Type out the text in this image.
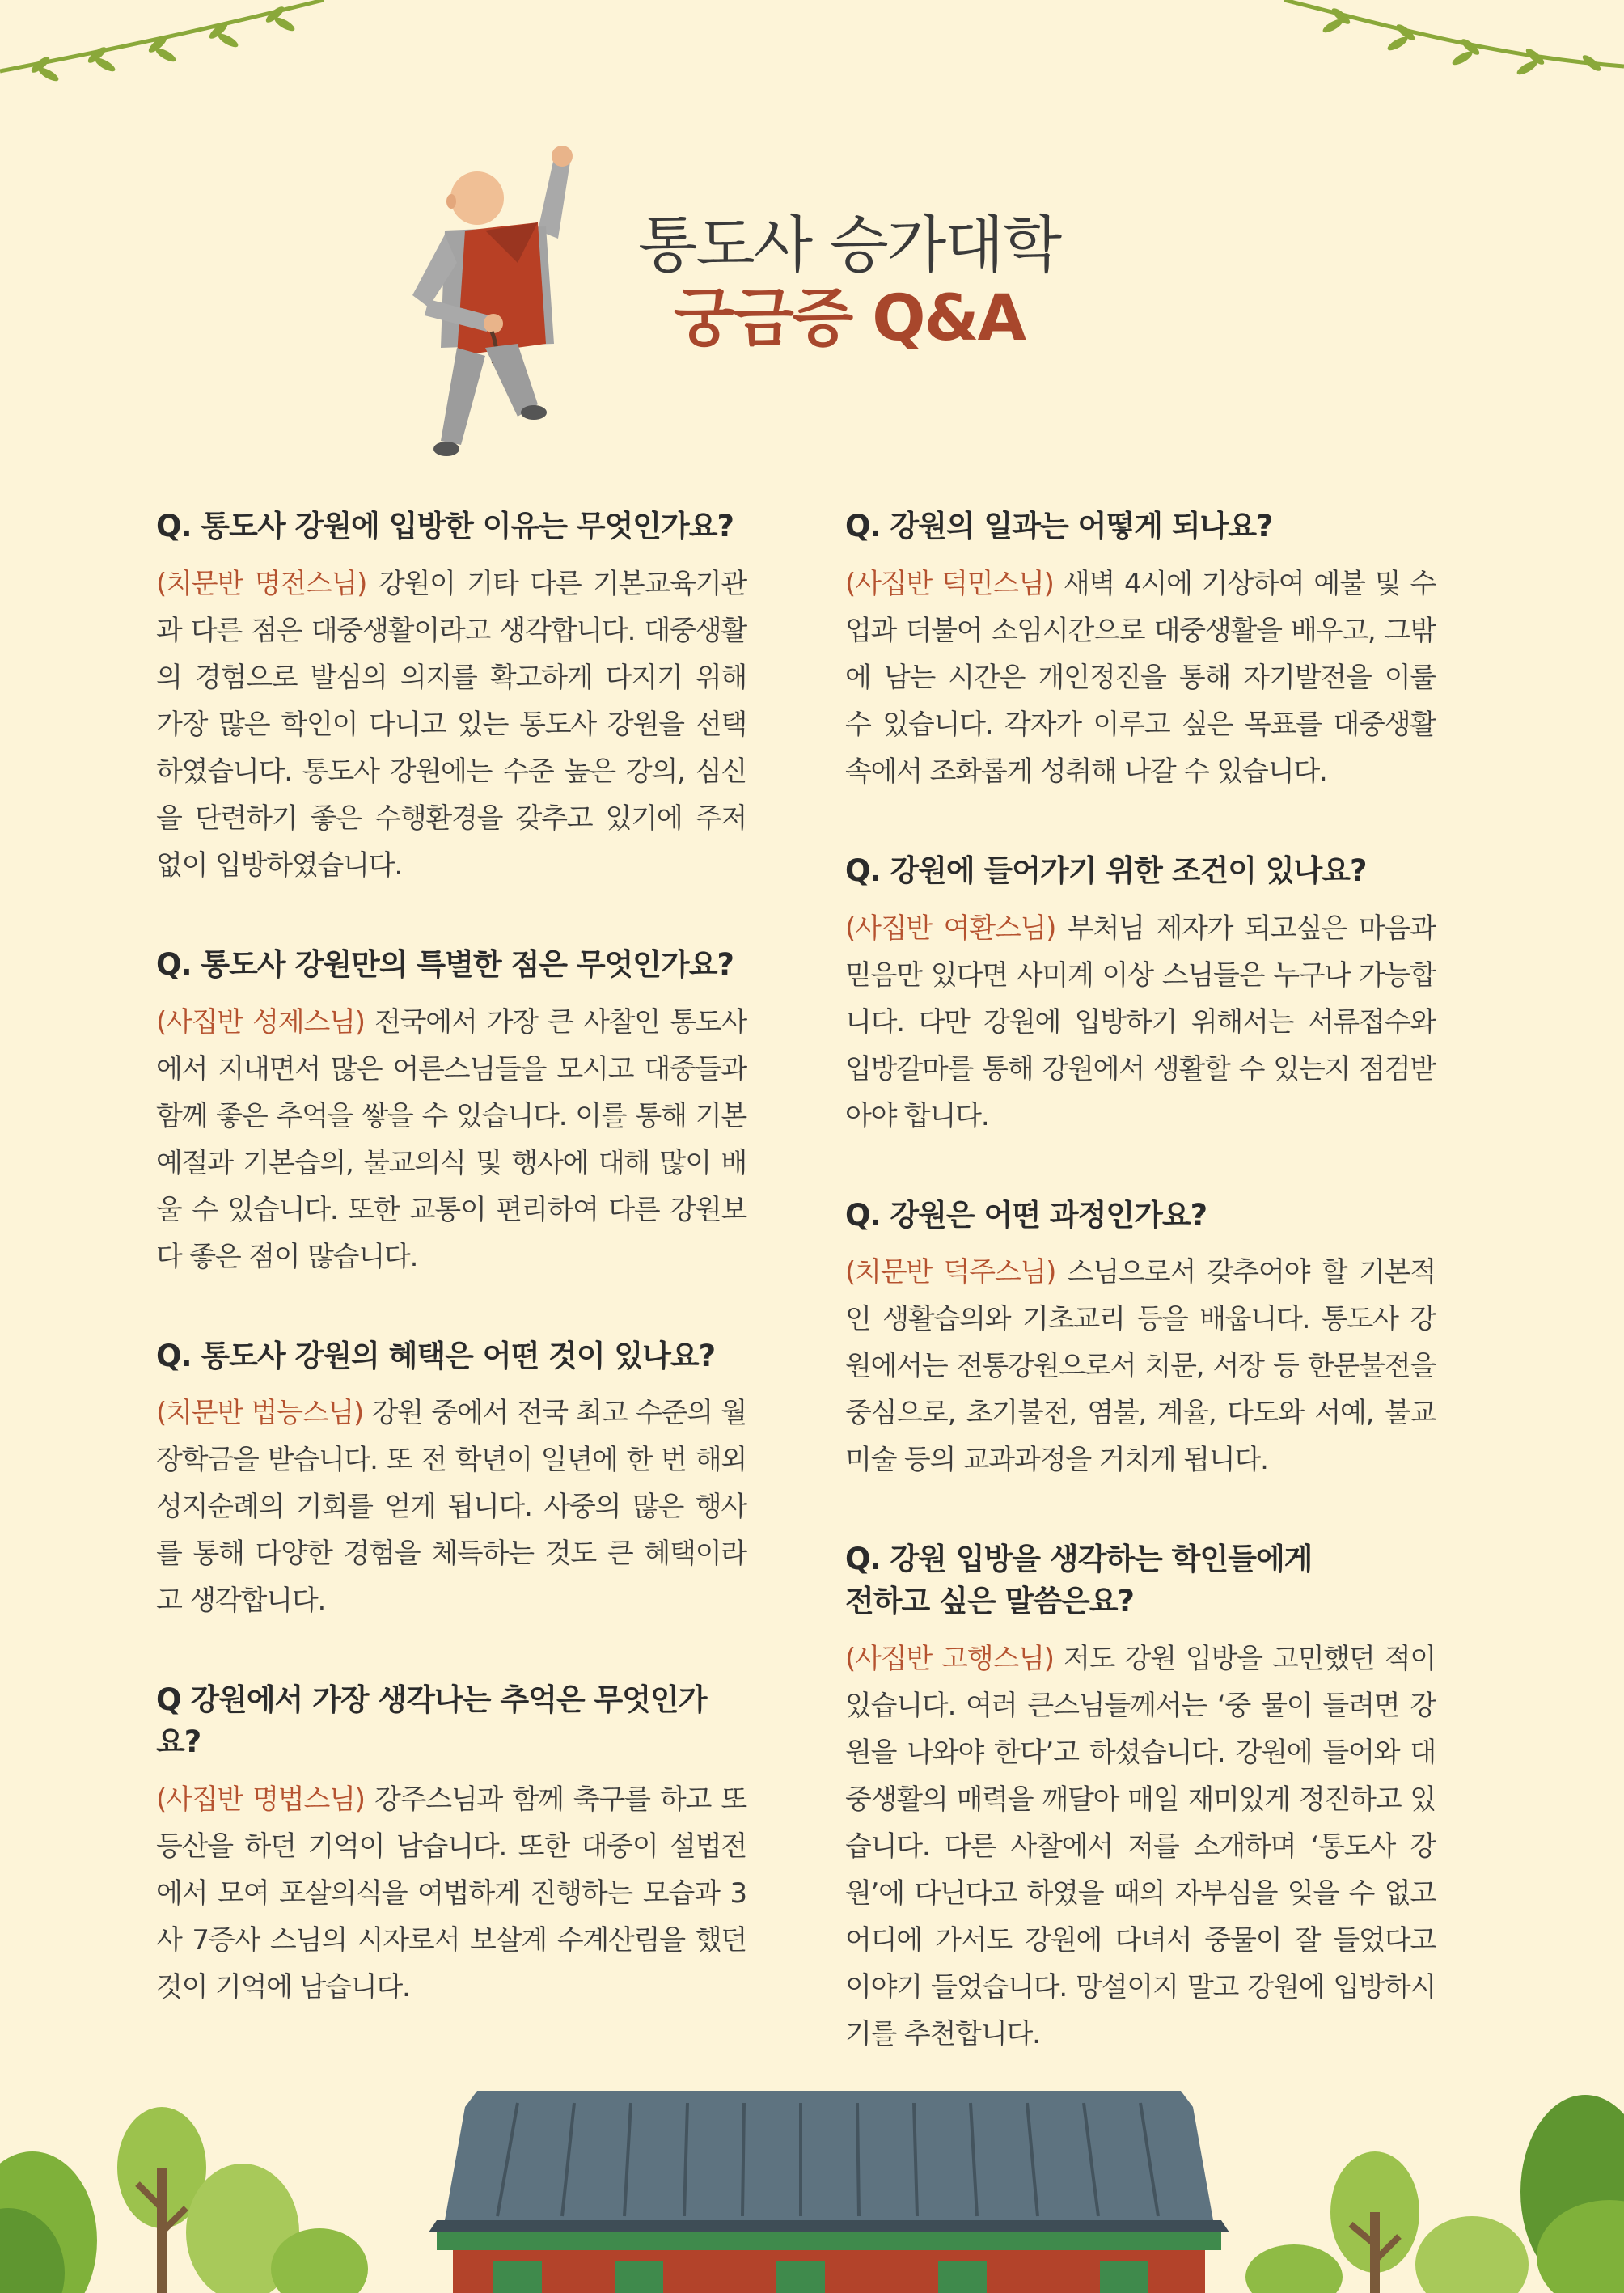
통도사 승가대학
궁금증 Q&A

Q. 통도사 강원에 입방한 이유는 무엇인가요?

(치문반 명전스님) 강원이 기타 다른 기본교육기관과 다른 점은 대중생활이라고 생각합니다. 대중생활의 경험으로 발심의 의지를 확고하게 다지기 위해 가장 많은 학인이 다니고 있는 통도사 강원을 선택하였습니다. 통도사 강원에는 수준 높은 강의, 심신을 단련하기 좋은 수행환경을 갖추고 있기에 주저 없이 입방하였습니다.

Q. 통도사 강원만의 특별한 점은 무엇인가요?

(사집반 성제스님) 전국에서 가장 큰 사찰인 통도사에서 지내면서 많은 어른스님들을 모시고 대중들과 함께 좋은 추억을 쌓을 수 있습니다. 이를 통해 기본예절과 기본습의, 불교의식 및 행사에 대해 많이 배울 수 있습니다. 또한 교통이 편리하여 다른 강원보다 좋은 점이 많습니다.

Q. 통도사 강원의 혜택은 어떤 것이 있나요?

(치문반 법능스님) 강원 중에서 전국 최고 수준의 월장학금을 받습니다. 또 전 학년이 일년에 한 번 해외 성지순례의 기회를 얻게 됩니다. 사중의 많은 행사를 통해 다양한 경험을 체득하는 것도 큰 혜택이라고 생각합니다.

Q 강원에서 가장 생각나는 추억은 무엇인가요?

(사집반 명법스님) 강주스님과 함께 축구를 하고 또 등산을 하던 기억이 남습니다. 또한 대중이 설법전에서 모여 포살의식을 여법하게 진행하는 모습과 3사 7증사 스님의 시자로서 보살계 수계산림을 했던 것이 기억에 남습니다.

Q. 강원의 일과는 어떻게 되나요?

(사집반 덕민스님) 새벽 4시에 기상하여 예불 및 수업과 더불어 소임시간으로 대중생활을 배우고, 그밖에 남는 시간은 개인정진을 통해 자기발전을 이룰 수 있습니다. 각자가 이루고 싶은 목표를 대중생활 속에서 조화롭게 성취해 나갈 수 있습니다.

Q. 강원에 들어가기 위한 조건이 있나요?

(사집반 여환스님) 부처님 제자가 되고싶은 마음과 믿음만 있다면 사미계 이상 스님들은 누구나 가능합니다. 다만 강원에 입방하기 위해서는 서류접수와 입방갈마를 통해 강원에서 생활할 수 있는지 점검받아야 합니다.

Q. 강원은 어떤 과정인가요?

(치문반 덕주스님) 스님으로서 갖추어야 할 기본적인 생활습의와 기초교리 등을 배웁니다. 통도사 강원에서는 전통강원으로서 치문, 서장 등 한문불전을 중심으로, 초기불전, 염불, 계율, 다도와 서예, 불교미술 등의 교과과정을 거치게 됩니다.

Q. 강원 입방을 생각하는 학인들에게
전하고 싶은 말씀은요?

(사집반 고행스님) 저도 강원 입방을 고민했던 적이 있습니다. 여러 큰스님들께서는 ‘중 물이 들려면 강원을 나와야 한다’고 하셨습니다. 강원에 들어와 대중생활의 매력을 깨달아 매일 재미있게 정진하고 있습니다. 다른 사찰에서 저를 소개하며 ‘통도사 강원’에 다닌다고 하였을 때의 자부심을 잊을 수 없고 어디에 가서도 강원에 다녀서 중물이 잘 들었다고 이야기 들었습니다. 망설이지 말고 강원에 입방하시기를 추천합니다.
